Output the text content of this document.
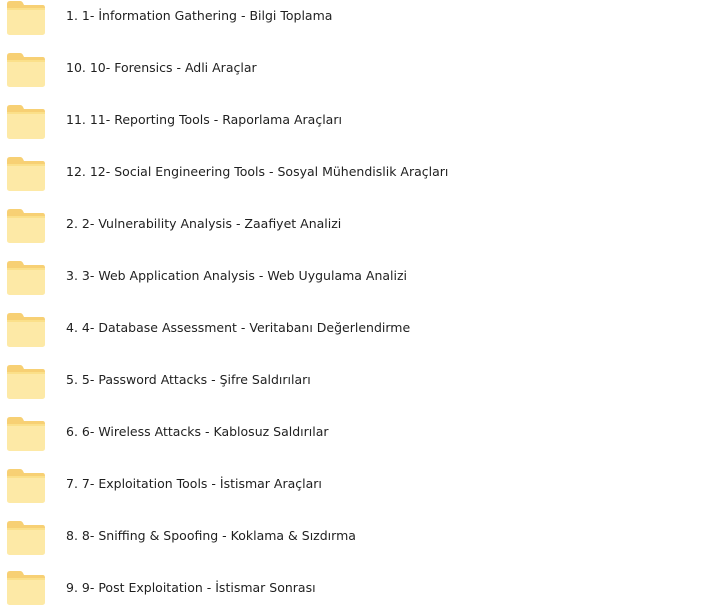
1. 1- İnformation Gathering - Bilgi Toplama
10. 10- Forensics - Adli Araçlar
11. 11- Reporting Tools - Raporlama Araçları
12. 12- Social Engineering Tools - Sosyal Mühendislik Araçları
2. 2- Vulnerability Analysis - Zaafiyet Analizi
3. 3- Web Application Analysis - Web Uygulama Analizi
4. 4- Database Assessment - Veritabanı Değerlendirme
5. 5- Password Attacks - Şifre Saldırıları
6. 6- Wireless Attacks - Kablosuz Saldırılar
7. 7- Exploitation Tools - İstismar Araçları
8. 8- Sniffing & Spoofing - Koklama & Sızdırma
9. 9- Post Exploitation - İstismar Sonrası
